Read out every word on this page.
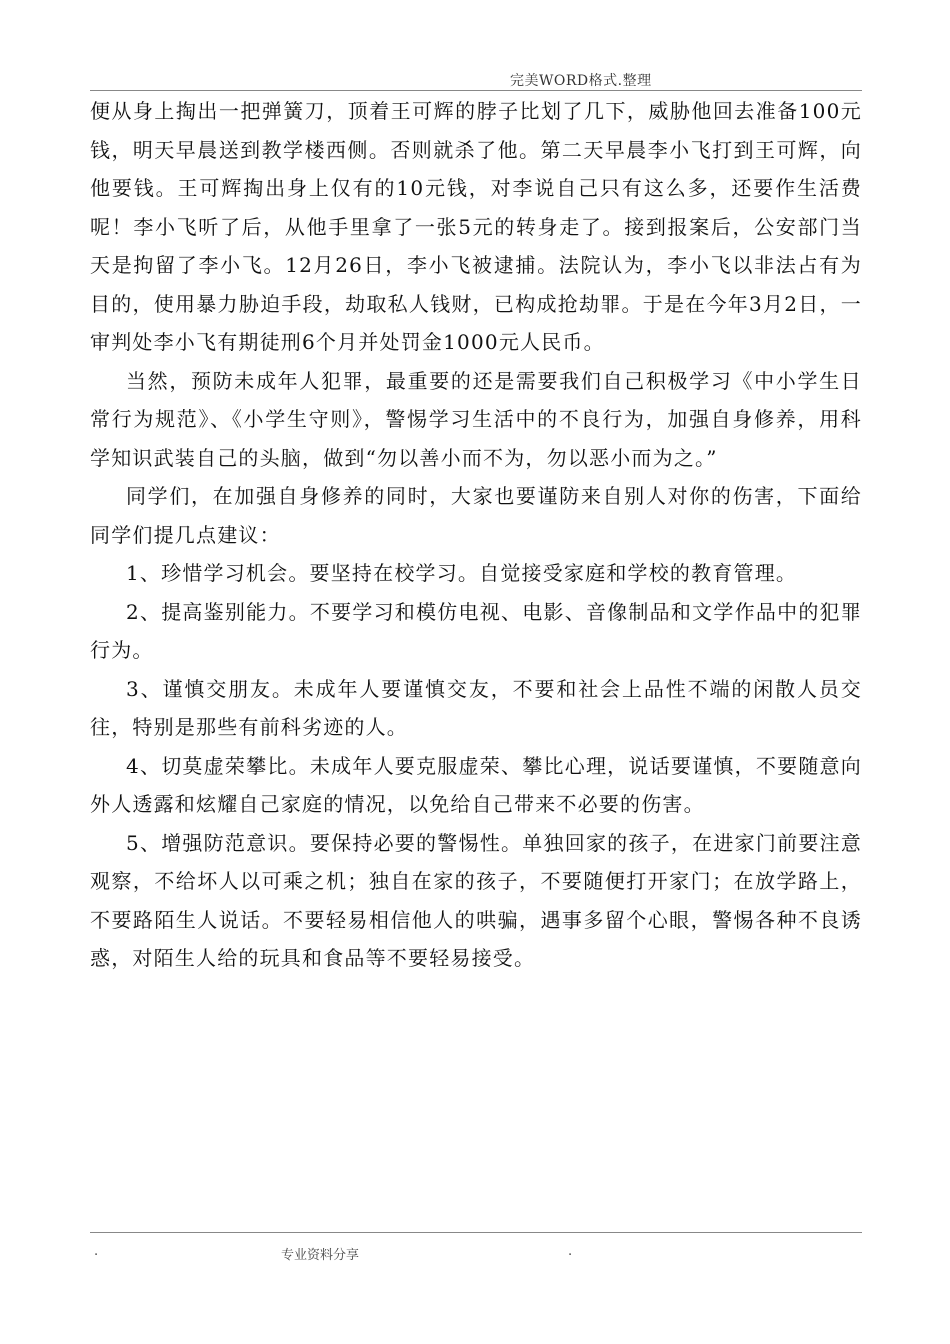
完美WORD格式.整理

便从身上掏出一把弹簧刀，顶着王可辉的脖子比划了几下，威胁他回去准备100元钱，明天早晨送到教学楼西侧。否则就杀了他。第二天早晨李小飞打到王可辉，向他要钱。王可辉掏出身上仅有的10元钱，对李说自己只有这么多，还要作生活费呢！李小飞听了后，从他手里拿了一张5元的转身走了。接到报案后，公安部门当天是拘留了李小飞。12月26日，李小飞被逮捕。法院认为，李小飞以非法占有为目的，使用暴力胁迫手段，劫取私人钱财，已构成抢劫罪。于是在今年3月2日，一审判处李小飞有期徒刑6个月并处罚金1000元人民币。

当然，预防未成年人犯罪，最重要的还是需要我们自己积极学习《中小学生日常行为规范》、《小学生守则》，警惕学习生活中的不良行为，加强自身修养，用科学知识武装自己的头脑，做到“勿以善小而不为，勿以恶小而为之。”

同学们，在加强自身修养的同时，大家也要谨防来自别人对你的伤害，下面给同学们提几点建议：

1、珍惜学习机会。要坚持在校学习。自觉接受家庭和学校的教育管理。

2、提高鉴别能力。不要学习和模仿电视、电影、音像制品和文学作品中的犯罪行为。

3、谨慎交朋友。未成年人要谨慎交友，不要和社会上品性不端的闲散人员交往，特别是那些有前科劣迹的人。

4、切莫虚荣攀比。未成年人要克服虚荣、攀比心理，说话要谨慎，不要随意向外人透露和炫耀自己家庭的情况，以免给自己带来不必要的伤害。

5、增强防范意识。要保持必要的警惕性。单独回家的孩子，在进家门前要注意观察，不给坏人以可乘之机；独自在家的孩子，不要随便打开家门；在放学路上，不要路陌生人说话。不要轻易相信他人的哄骗，遇事多留个心眼，警惕各种不良诱惑，对陌生人给的玩具和食品等不要轻易接受。

.	专业资料分享	.
